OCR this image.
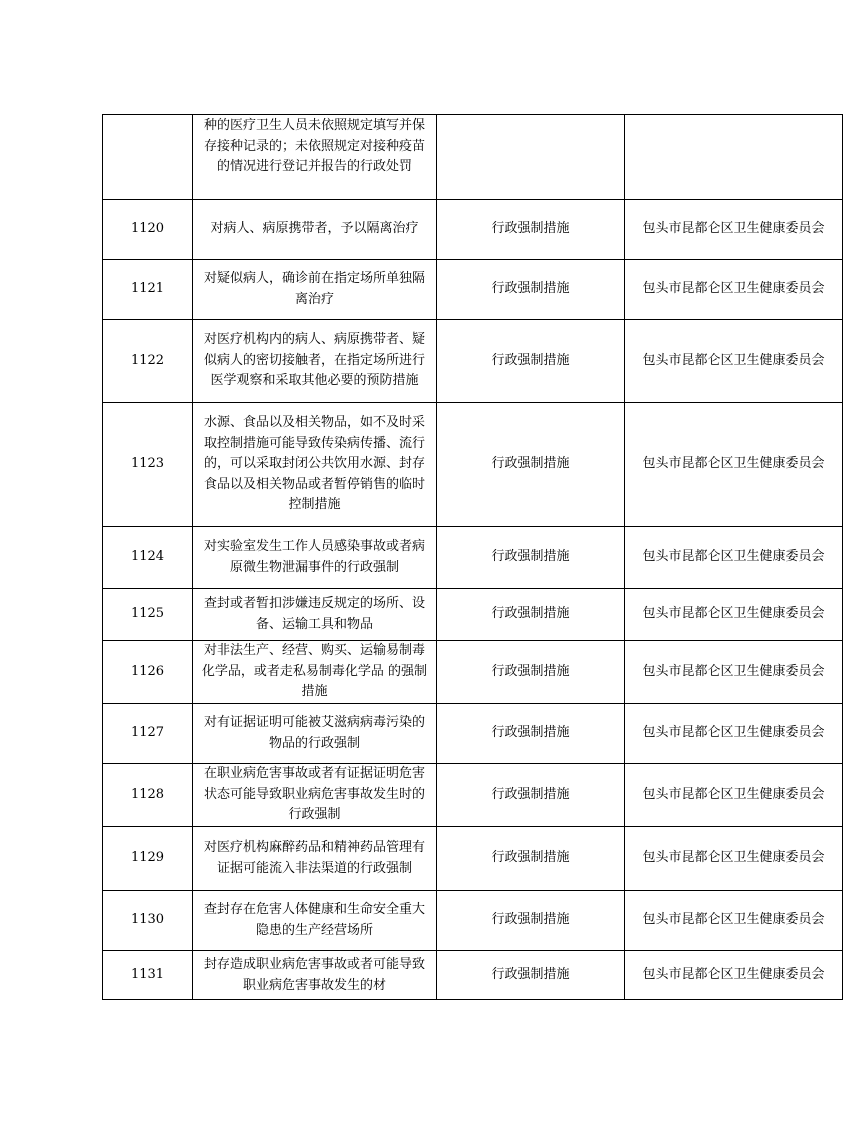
	种的医疗卫生人员未依照规定填写并保存接种记录的；未依照规定对接种疫苗的情况进行登记并报告的行政处罚		
1120	对病人、病原携带者，予以隔离治疗	行政强制措施	包头市昆都仑区卫生健康委员会
1121	对疑似病人，确诊前在指定场所单独隔离治疗	行政强制措施	包头市昆都仑区卫生健康委员会
1122	对医疗机构内的病人、病原携带者、疑似病人的密切接触者，在指定场所进行医学观察和采取其他必要的预防措施	行政强制措施	包头市昆都仑区卫生健康委员会
1123	水源、食品以及相关物品，如不及时采取控制措施可能导致传染病传播、流行的，可以采取封闭公共饮用水源、封存食品以及相关物品或者暂停销售的临时控制措施	行政强制措施	包头市昆都仑区卫生健康委员会
1124	对实验室发生工作人员感染事故或者病原微生物泄漏事件的行政强制	行政强制措施	包头市昆都仑区卫生健康委员会
1125	查封或者暂扣涉嫌违反规定的场所、设备、运输工具和物品	行政强制措施	包头市昆都仑区卫生健康委员会
1126	对非法生产、经营、购买、运输易制毒化学品，或者走私易制毒化学品 的强制措施	行政强制措施	包头市昆都仑区卫生健康委员会
1127	对有证据证明可能被艾滋病病毒污染的物品的行政强制	行政强制措施	包头市昆都仑区卫生健康委员会
1128	在职业病危害事故或者有证据证明危害状态可能导致职业病危害事故发生时的行政强制	行政强制措施	包头市昆都仑区卫生健康委员会
1129	对医疗机构麻醉药品和精神药品管理有证据可能流入非法渠道的行政强制	行政强制措施	包头市昆都仑区卫生健康委员会
1130	查封存在危害人体健康和生命安全重大隐患的生产经营场所	行政强制措施	包头市昆都仑区卫生健康委员会
1131	封存造成职业病危害事故或者可能导致职业病危害事故发生的材	行政强制措施	包头市昆都仑区卫生健康委员会
